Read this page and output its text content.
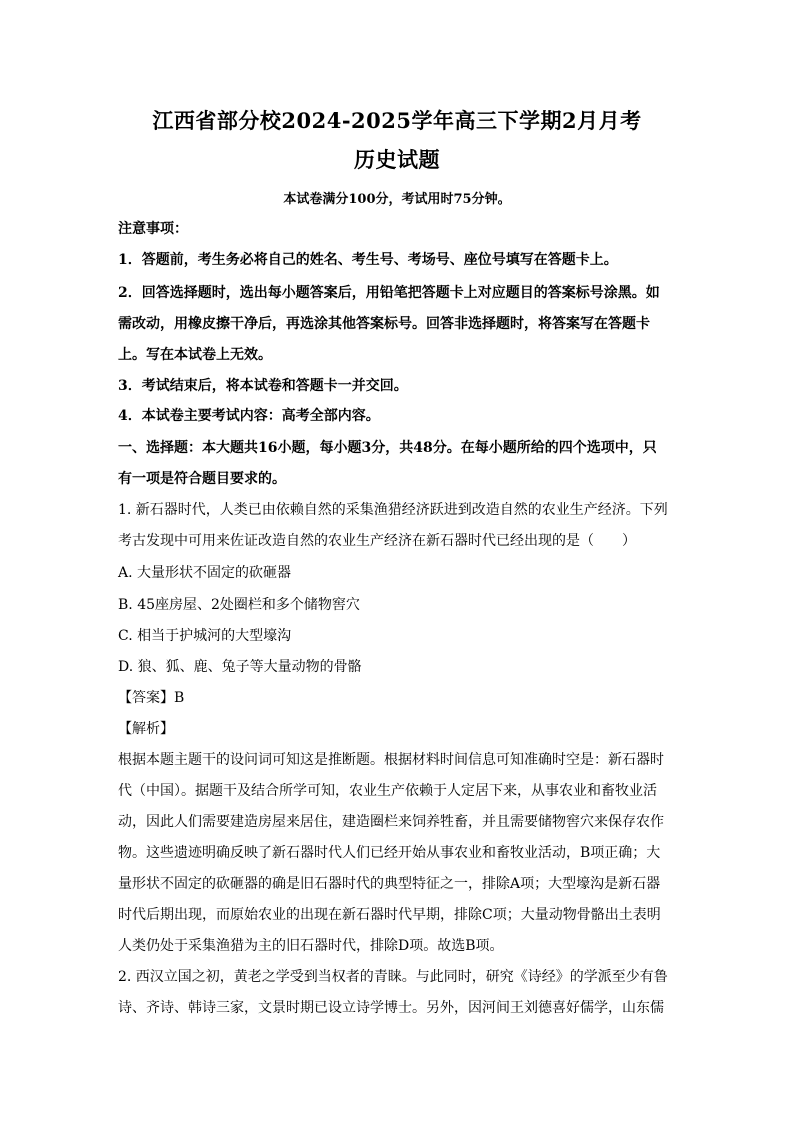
江西省部分校2024-2025学年高三下学期2月月考
历史试题
本试卷满分100分，考试用时75分钟。
注意事项：
1．答题前，考生务必将自己的姓名、考生号、考场号、座位号填写在答题卡上。
2．回答选择题时，选出每小题答案后，用铅笔把答题卡上对应题目的答案标号涂黑。如
需改动，用橡皮擦干净后，再选涂其他答案标号。回答非选择题时，将答案写在答题卡
上。写在本试卷上无效。
3．考试结束后，将本试卷和答题卡一并交回。
4．本试卷主要考试内容：高考全部内容。
一、选择题：本大题共16小题，每小题3分，共48分。在每小题所给的四个选项中，只
有一项是符合题目要求的。
1. 新石器时代，人类已由依赖自然的采集渔猎经济跃进到改造自然的农业生产经济。下列
考古发现中可用来佐证改造自然的农业生产经济在新石器时代已经出现的是（　　）
A. 大量形状不固定的砍砸器
B. 45座房屋、2处圈栏和多个储物窖穴
C. 相当于护城河的大型壕沟
D. 狼、狐、鹿、兔子等大量动物的骨骼
【答案】B
【解析】
根据本题主题干的设问词可知这是推断题。根据材料时间信息可知准确时空是：新石器时
代（中国）。据题干及结合所学可知，农业生产依赖于人定居下来，从事农业和畜牧业活
动，因此人们需要建造房屋来居住，建造圈栏来饲养牲畜，并且需要储物窖穴来保存农作
物。这些遗迹明确反映了新石器时代人们已经开始从事农业和畜牧业活动，B项正确；大
量形状不固定的砍砸器的确是旧石器时代的典型特征之一，排除A项；大型壕沟是新石器
时代后期出现，而原始农业的出现在新石器时代早期，排除C项；大量动物骨骼出土表明
人类仍处于采集渔猎为主的旧石器时代，排除D项。故选B项。
2. 西汉立国之初，黄老之学受到当权者的青睐。与此同时，研究《诗经》的学派至少有鲁
诗、齐诗、韩诗三家，文景时期已设立诗学博士。另外，因河间王刘德喜好儒学，山东儒
